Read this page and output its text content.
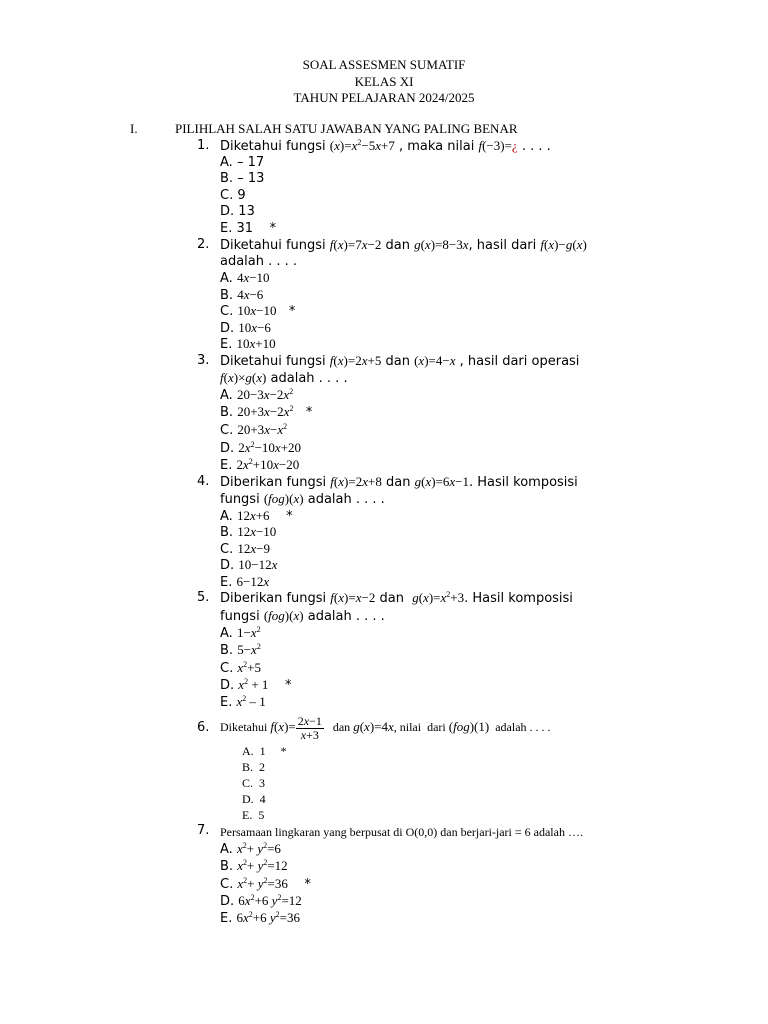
SOAL ASSESMEN SUMATIF
KELAS XI
TAHUN PELAJARAN 2024/2025
I.	PILIHLAH SALAH SATU JAWABAN YANG PALING BENAR
1. Diketahui fungsi $(x)=x^2-5x+7$ , maka nilai f(−3)=¿ . . . .
A. – 17
B. – 13
C. 9
D. 13
E. 31 *
2. Diketahui fungsi f(x)=7x−2 dan g(x)=8−3x, hasil dari f(x)−g(x)
adalah . . . .
A. 4x−10
B. 4x−6
C. 10x−10 *
D. 10x−6
E. 10x+10
3. Diketahui fungsi f(x)=2x+5 dan (x)=4−x , hasil dari operasi
f(x)×g(x) adalah . . . .
A. $20-3x-2x^2$
B. $20+3x-2x^2$ *
C. $20+3x-x^2$
D. $2x^2-10x+20$
E. $2x^2+10x-20$
4. Diberikan fungsi f(x)=2x+8 dan g(x)=6x−1. Hasil komposisi
fungsi (fog)(x) adalah . . . .
A. 12x+6 *
B. 12x−10
C. 12x−9
D. 10−12x
E. 6−12x
5. Diberikan fungsi f(x)=x−2 dan  $g(x)=x^2+3$. Hasil komposisi
fungsi (fog)(x) adalah . . . .
A. $1-x^2$
B. $5-x^2$
C. $x^2+5$
D. $x^2 + 1$ *
E. $x^2 - 1$
6. Diketahui $f(x)= \frac{2x-1}{x+3}$ dan g(x)=4x, nilai  dari (fog)(1)  adalah . . . .
A. 1 *
B. 2
C. 3
D. 4
E. 5
7. Persamaan lingkaran yang berpusat di O(0,0) dan berjari-jari = 6 adalah ….
A. $x^2+ y^2=6$
B. $x^2+ y^2=12$
C. $x^2+ y^2=36$ *
D. $6x^2+6$ $y^2=12$
E. $6x^2+6$ $y^2=36$
